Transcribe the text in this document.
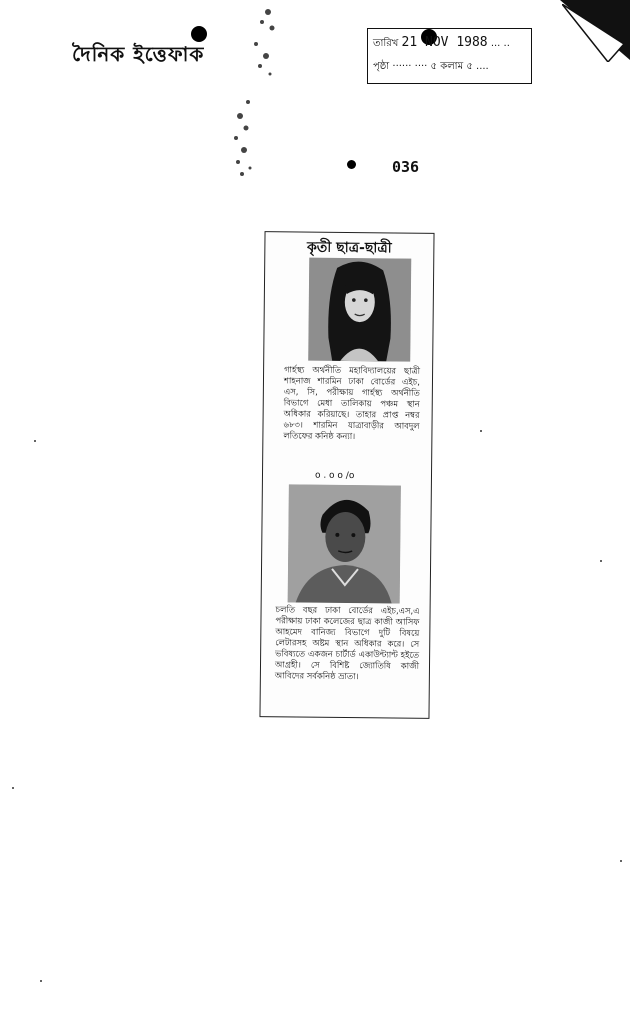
দৈনিক ইত্তেফাক	তারিখ 21 NOV 1988 ... ..
পৃষ্ঠা ······ ···· ৫ কলাম ৫ ....
036
কৃতী ছাত্র-ছাত্রী
গার্হস্থ্য অর্থনীতি মহাবিদ্যালয়ের ছাত্রী শাহনাজ শারমিন ঢাকা বোর্ডের এইচ, এস, সি, পরীক্ষায় গার্হস্থ্য অর্থনীতি বিভাগে মেধা তালিকায় পঞ্চম স্থান অধিকার করিয়াছে। তাহার প্রাপ্ত নম্বর ৬৮৩। শারমিন যাত্রাবাড়ীর আবদুল লতিফের কনিষ্ঠ কন্যা।
o . o o /o
চলতি বছর ঢাকা বোর্ডের এইচ,এস,এ পরীক্ষায় ঢাকা কলেজের ছাত্র কাজী আসিফ আহমেদ বানিজ্য বিভাগে দুটি বিষয়ে লেটারসহ অষ্টম স্থান অধিকার করে। সে ভবিষ্যতে একজন চার্টার্ড একাউন্ট্যান্ট হইতে আগ্রহী। সে বিশিষ্ট জ্যোতিষি কাজী আবিদের সর্বকনিষ্ঠ ভ্রাতা।
